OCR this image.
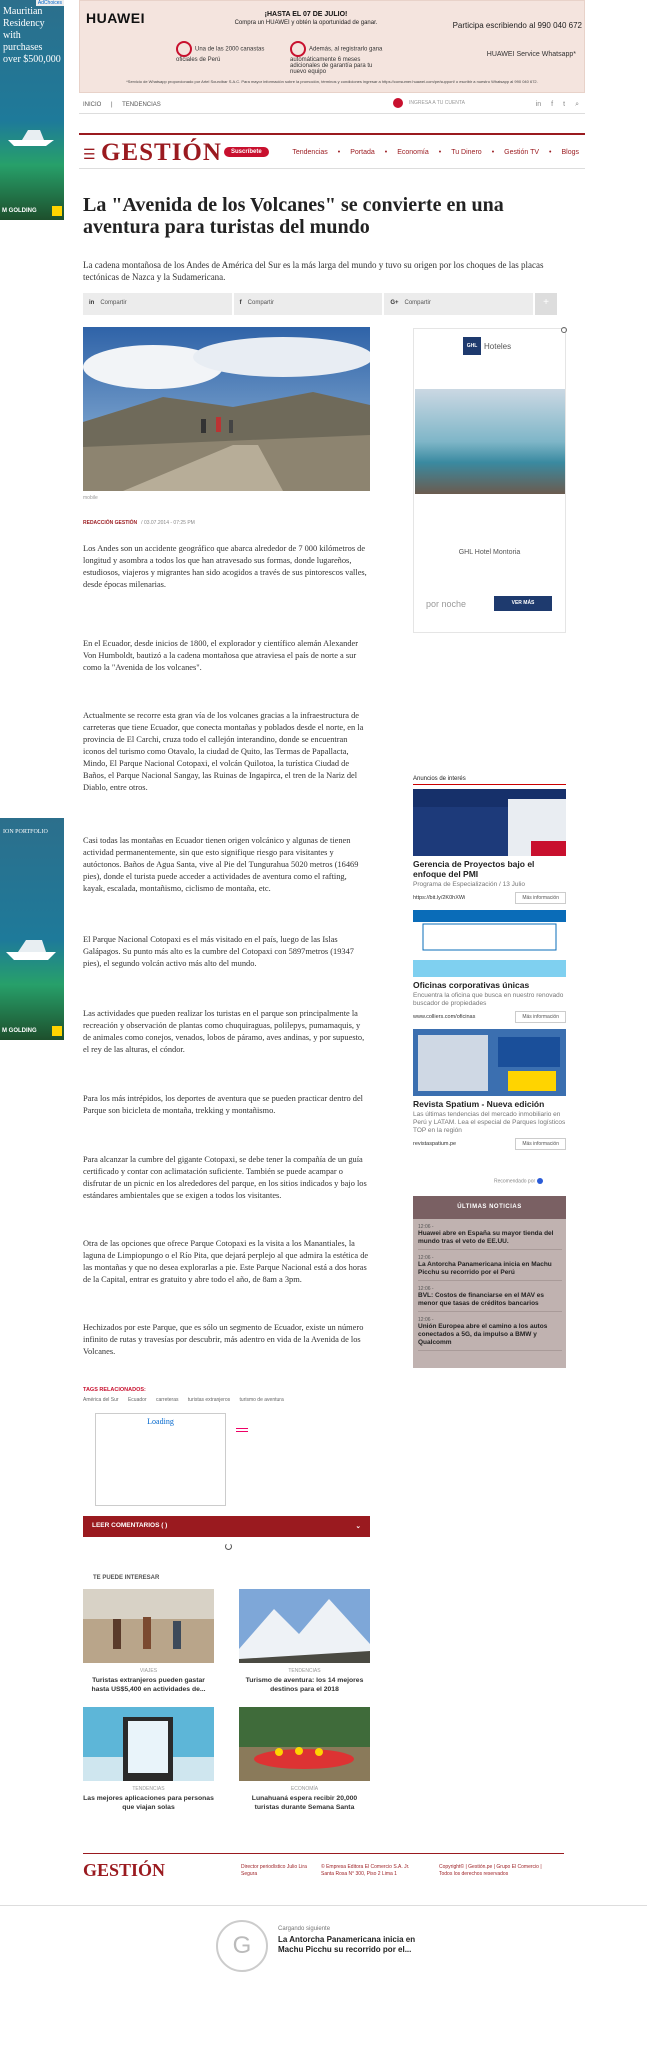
AdChoices
Mauritian Residency with purchases over $500,000
M GOLDING
ION PORTFOLIO
M GOLDING
HUAWEI	¡HASTA EL 07 DE JULIO!
Compra un HUAWEI y obtén la oportunidad de ganar.	Participa escribiendo al 990 040 672
Una de las 2000 canastas oficiales de Perú
Además, al registrarlo gana automáticamente 6 meses adicionales de garantía para tu nuevo equipo
HUAWEI Service Whatsapp*
*Servicio de Whatsapp proporcionado por Artel Sourcibar S.A.C. Para mayor información sobre la promoción, términos y condiciones ingresar a https://consumer.huawei.com/pe/support/ o escribir a nuestro Whatsapp al 990 040 672.
INICIO | TENDENCIAS	INGRESA A TU CUENTA	in f t ⌕
☰ GESTIÓN	Suscríbete	Tendencias • Portada • Economía • Tu Dinero • Gestión TV • Blogs
La "Avenida de los Volcanes" se convierte en una aventura para turistas del mundo

La cadena montañosa de los Andes de América del Sur es la más larga del mundo y tuvo su origen por los choques de las placas tectónicas de Nazca y la Sudamericana.

in Compartir	f Compartir	G+ Compartir	+
mobile
REDACCIÓN GESTIÓN / 03.07.2014 - 07:25 PM

Los Andes son un accidente geográfico que abarca alrededor de 7 000 kilómetros de longitud y asombra a todos los que han atravesado sus formas, donde lugareños, estudiosos, viajeros y migrantes han sido acogidos a través de sus pintorescos valles, desde épocas milenarias.

En el Ecuador, desde inicios de 1800, el explorador y científico alemán Alexander Von Humboldt, bautizó a la cadena montañosa que atraviesa el país de norte a sur como la "Avenida de los volcanes".

Actualmente se recorre esta gran vía de los volcanes gracias a la infraestructura de carreteras que tiene Ecuador, que conecta montañas y poblados desde el norte, en la provincia de El Carchi, cruza todo el callejón interandino, donde se encuentran iconos del turismo como Otavalo, la ciudad de Quito, las Termas de Papallacta, Mindo, El Parque Nacional Cotopaxi, el volcán Quilotoa, la turística Ciudad de Baños, el Parque Nacional Sangay, las Ruinas de Ingapirca, el tren de la Nariz del Diablo, entre otros.

Casi todas las montañas en Ecuador tienen origen volcánico y algunas de tienen actividad permanentemente, sin que esto signifique riesgo para visitantes y autóctonos. Baños de Agua Santa, vive al Pie del Tungurahua 5020 metros (16469 pies), donde el turista puede acceder a actividades de aventura como el rafting, kayak, escalada, montañismo, ciclismo de montaña, etc.

El Parque Nacional Cotopaxi es el más visitado en el país, luego de las Islas Galápagos. Su punto más alto es la cumbre del Cotopaxi con 5897metros (19347 pies), el segundo volcán activo más alto del mundo.

Las actividades que pueden realizar los turistas en el parque son principalmente la recreación y observación de plantas como chuquiraguas, polilepys, pumamaquis, y de animales como conejos, venados, lobos de páramo, aves andinas, y por supuesto, el rey de las alturas, el cóndor.

Para los más intrépidos, los deportes de aventura que se pueden practicar dentro del Parque son bicicleta de montaña, trekking y montañismo.

Para alcanzar la cumbre del gigante Cotopaxi, se debe tener la compañía de un guía certificado y contar con aclimatación suficiente. También se puede acampar o disfrutar de un picnic en los alrededores del parque, en los sitios indicados y bajo los estándares ambientales que se exigen a todos los visitantes.

Otra de las opciones que ofrece Parque Cotopaxi es la visita a los Manantiales, la laguna de Limpiopungo o el Río Pita, que dejará perplejo al que admira la estética de las montañas y que no desea explorarlas a pie. Este Parque Nacional está a dos horas de la Capital, entrar es gratuito y abre todo el año, de 8am a 3pm.

Hechizados por este Parque, que es sólo un segmento de Ecuador, existe un número infinito de rutas y travesías por descubrir, más adentro en vida de la Avenida de los Volcanes.

TAGS RELACIONADOS:
América del Sur Ecuador carreteras turistas extranjeros turismo de aventura
Loading
LEER COMENTARIOS ( )	⌄
TE PUEDE INTERESAR
VIAJES
Turistas extranjeros pueden gastar hasta US$5,400 en actividades de...
TENDENCIAS
Turismo de aventura: los 14 mejores destinos para el 2018
TENDENCIAS
Las mejores aplicaciones para personas que viajan solas
ECONOMÍA
Lunahuaná espera recibir 20,000 turistas durante Semana Santa
GHL Hoteles
GHL Hotel Montoria
por noche	VER MÁS
Anuncios de interés
Gerencia de Proyectos bajo el enfoque del PMI
Programa de Especialización / 13 Julio
https://bit.ly/2K0hXWi	Más información
Oficinas corporativas únicas
Encuentra la oficina que busca en nuestro renovado buscador de propiedades
www.colliers.com/oficinas	Más información
Revista Spatium - Nueva edición
Las últimas tendencias del mercado inmobiliario en Perú y LATAM. Lea el especial de Parques logísticos TOP en la región
revistaspatium.pe	Más información
Recomendado por
ÚLTIMAS NOTICIAS
12:06 -
Huawei abre en España su mayor tienda del mundo tras el veto de EE.UU.
12:06 -
La Antorcha Panamericana inicia en Machu Picchu su recorrido por el Perú
12:06 -
BVL: Costos de financiarse en el MAV es menor que tasas de créditos bancarios
12:06 -
Unión Europea abre el camino a los autos conectados a 5G, da impulso a BMW y Qualcomm
GESTIÓN	Director periodístico Julio Lira Segura
© Empresa Editora El Comercio S.A. Jr. Santa Rosa N° 300, Piso 2 Lima 1
Copyright© | Gestión.pe | Grupo El Comercio | Todos los derechos reservados
G
Cargando siguiente
La Antorcha Panamericana inicia en Machu Picchu su recorrido por el...
